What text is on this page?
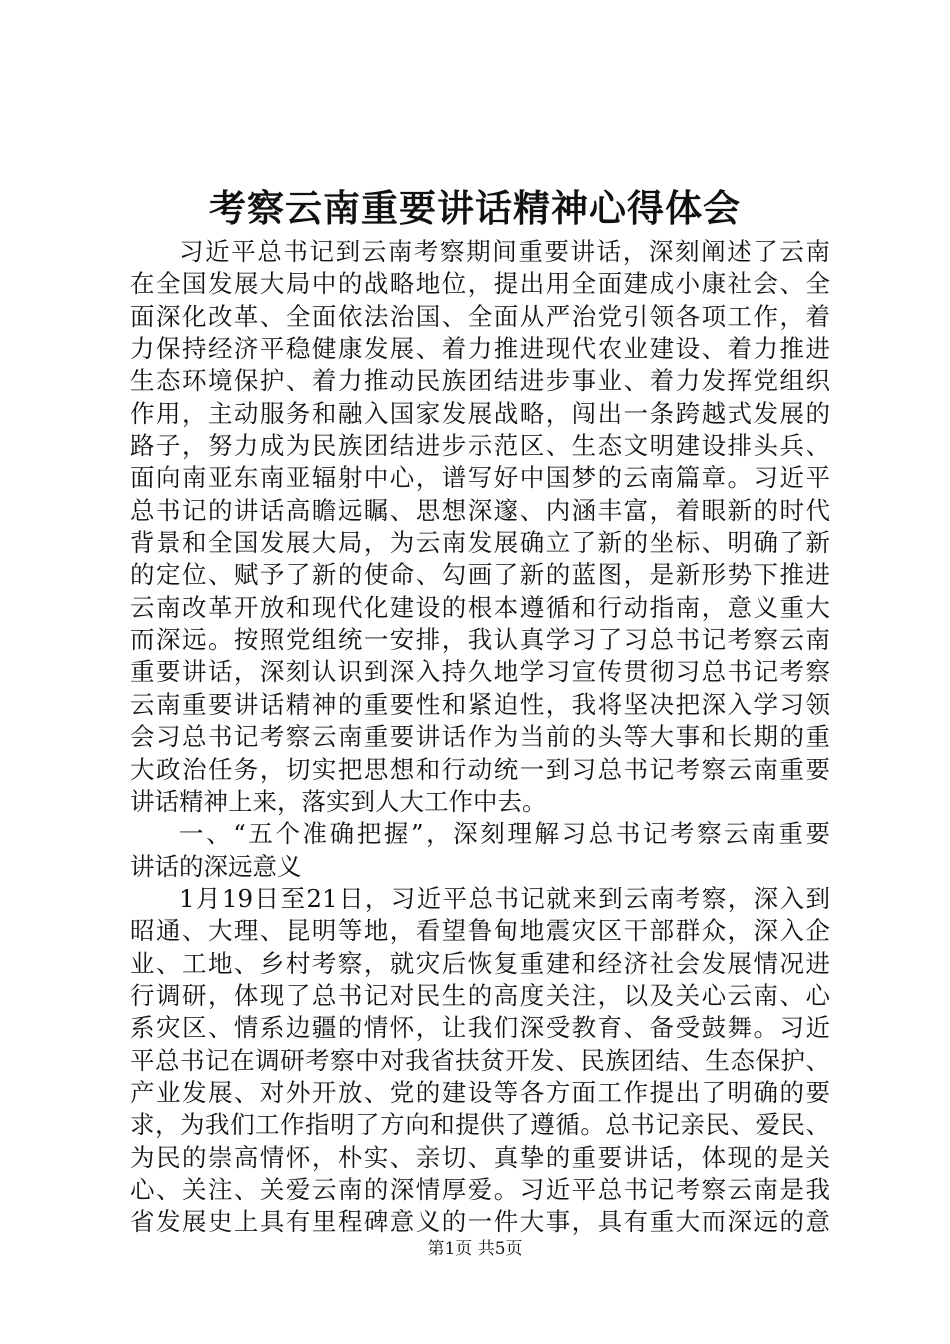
考察云南重要讲话精神心得体会
习近平总书记到云南考察期间重要讲话，深刻阐述了云南
在全国发展大局中的战略地位，提出用全面建成小康社会、全
面深化改革、全面依法治国、全面从严治党引领各项工作，着
力保持经济平稳健康发展、着力推进现代农业建设、着力推进
生态环境保护、着力推动民族团结进步事业、着力发挥党组织
作用，主动服务和融入国家发展战略，闯出一条跨越式发展的
路子，努力成为民族团结进步示范区、生态文明建设排头兵、
面向南亚东南亚辐射中心，谱写好中国梦的云南篇章。习近平
总书记的讲话高瞻远瞩、思想深邃、内涵丰富，着眼新的时代
背景和全国发展大局，为云南发展确立了新的坐标、明确了新
的定位、赋予了新的使命、勾画了新的蓝图，是新形势下推进
云南改革开放和现代化建设的根本遵循和行动指南，意义重大
而深远。按照党组统一安排，我认真学习了习总书记考察云南
重要讲话，深刻认识到深入持久地学习宣传贯彻习总书记考察
云南重要讲话精神的重要性和紧迫性，我将坚决把深入学习领
会习总书记考察云南重要讲话作为当前的头等大事和长期的重
大政治任务，切实把思想和行动统一到习总书记考察云南重要
讲话精神上来，落实到人大工作中去。
一、“五个准确把握”，深刻理解习总书记考察云南重要
讲话的深远意义
1月19日至21日，习近平总书记就来到云南考察，深入到
昭通、大理、昆明等地，看望鲁甸地震灾区干部群众，深入企
业、工地、乡村考察，就灾后恢复重建和经济社会发展情况进
行调研，体现了总书记对民生的高度关注，以及关心云南、心
系灾区、情系边疆的情怀，让我们深受教育、备受鼓舞。习近
平总书记在调研考察中对我省扶贫开发、民族团结、生态保护、
产业发展、对外开放、党的建设等各方面工作提出了明确的要
求，为我们工作指明了方向和提供了遵循。总书记亲民、爱民、
为民的崇高情怀，朴实、亲切、真挚的重要讲话，体现的是关
心、关注、关爱云南的深情厚爱。习近平总书记考察云南是我
省发展史上具有里程碑意义的一件大事，具有重大而深远的意
第1页 共5页
